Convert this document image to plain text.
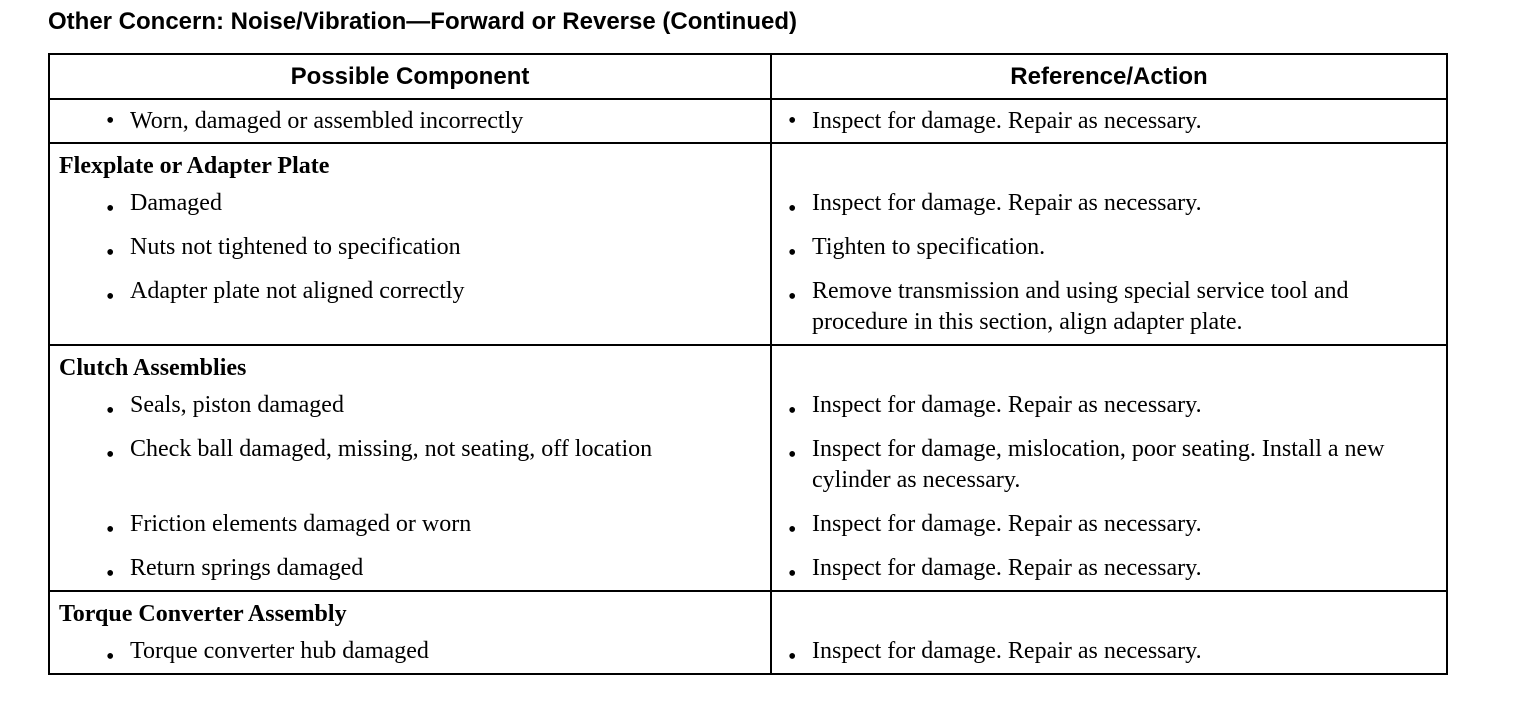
Other Concern: Noise/Vibration—Forward or Reverse (Continued)
Possible Component	Reference/Action
• Worn, damaged or assembled incorrectly	• Inspect for damage. Repair as necessary.
Flexplate or Adapter Plate
• Damaged	• Inspect for damage. Repair as necessary.
• Nuts not tightened to specification	• Tighten to specification.
• Adapter plate not aligned correctly	• Remove transmission and using special service tool and procedure in this section, align adapter plate.
Clutch Assemblies
• Seals, piston damaged	• Inspect for damage. Repair as necessary.
• Check ball damaged, missing, not seating, off location	• Inspect for damage, mislocation, poor seating. Install a new cylinder as necessary.
• Friction elements damaged or worn	• Inspect for damage. Repair as necessary.
• Return springs damaged	• Inspect for damage. Repair as necessary.
Torque Converter Assembly
• Torque converter hub damaged	• Inspect for damage. Repair as necessary.
